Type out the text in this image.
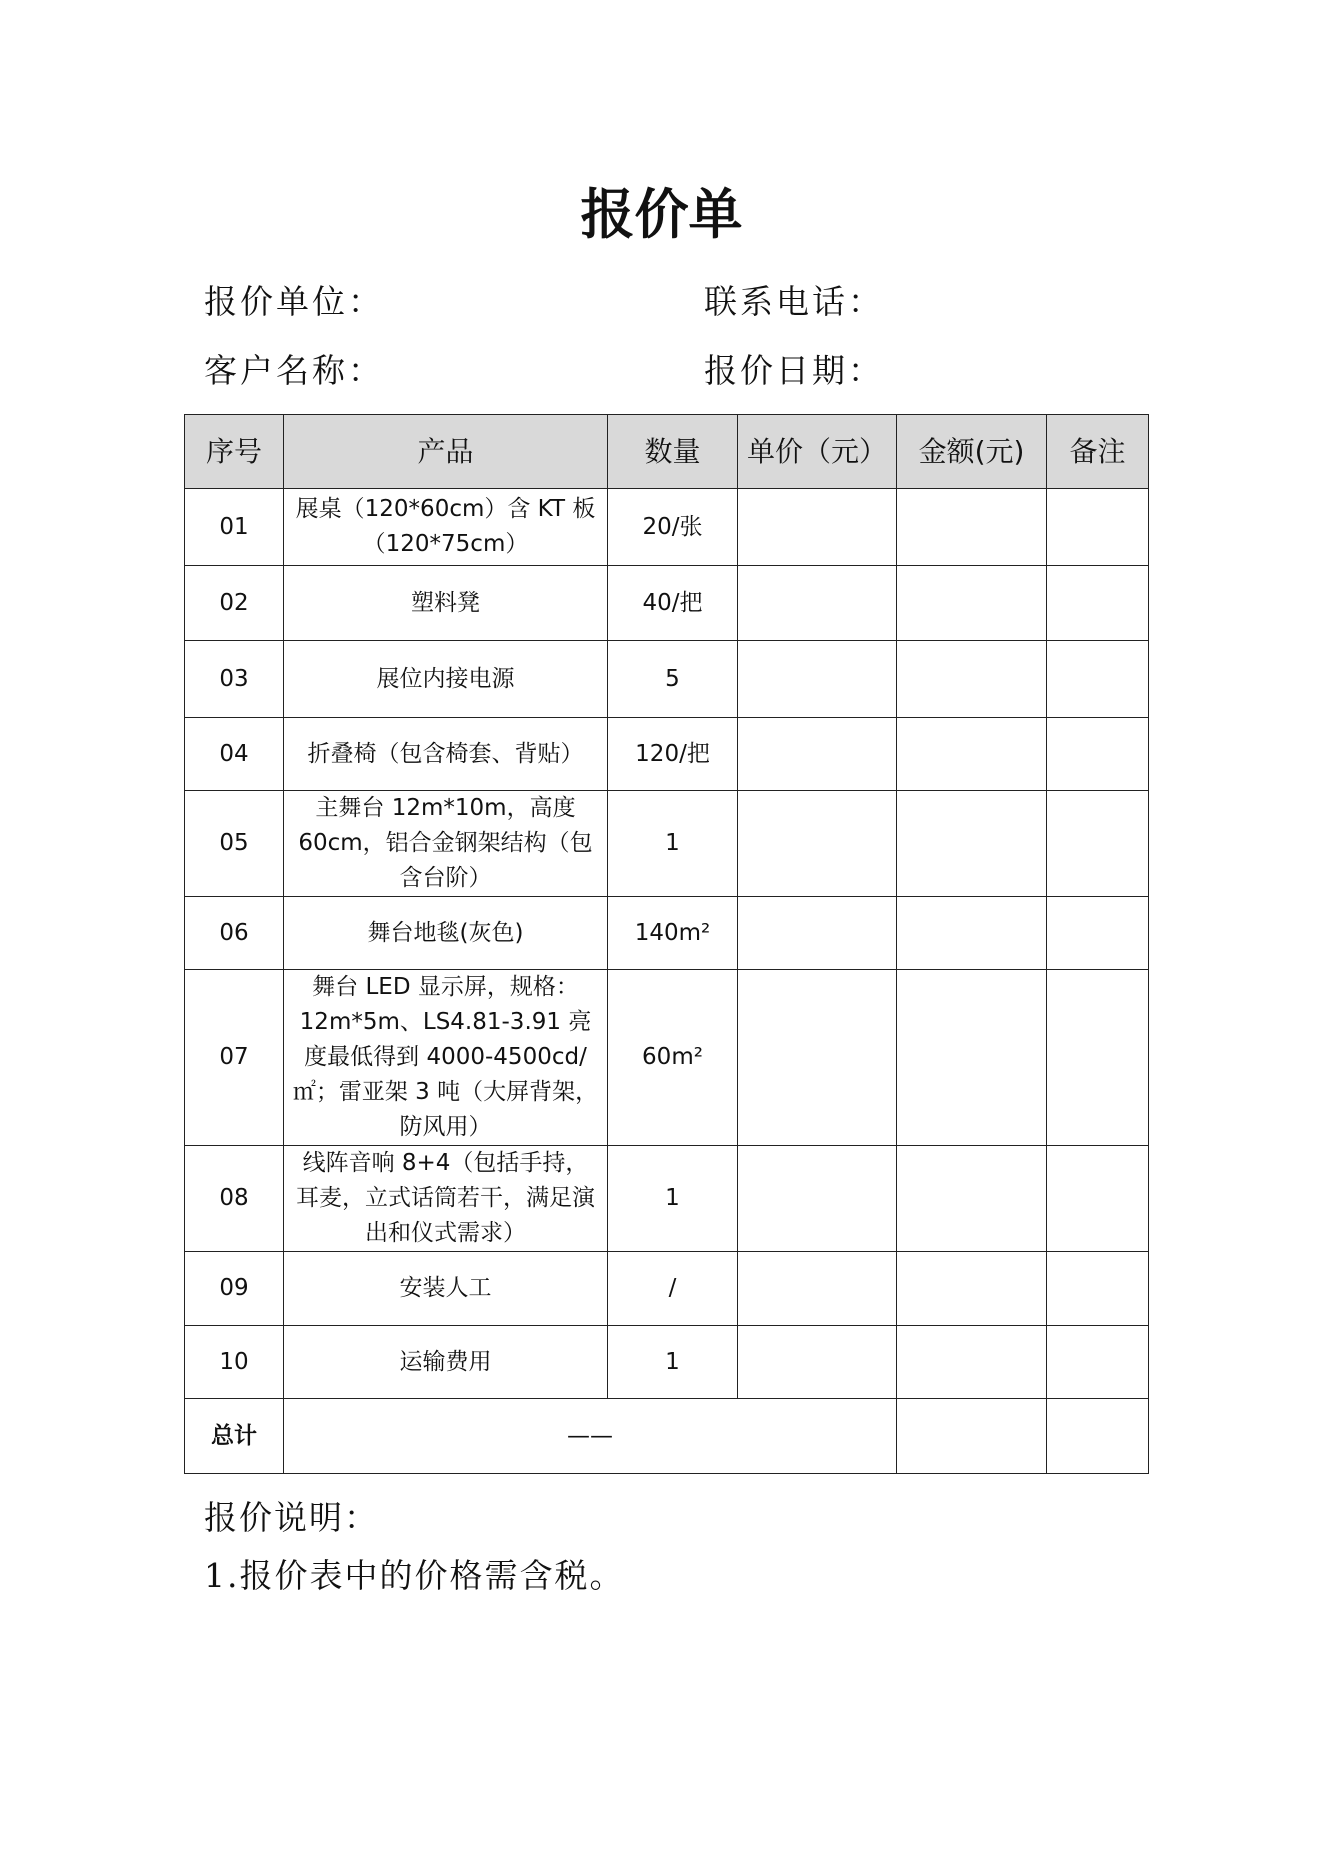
报价单
报价单位：	联系电话：
客户名称：	报价日期：
序号	产品	数量	单价（元）	金额(元)	备注
01	展桌（120*60cm）含 KT 板（120*75cm）	20/张			
02	塑料凳	40/把			
03	展位内接电源	5			
04	折叠椅（包含椅套、背贴）	120/把			
05	主舞台 12m*10m，高度 60cm，铝合金钢架结构（包含台阶）	1			
06	舞台地毯(灰色)	140m²			
07	舞台 LED 显示屏，规格：12m*5m、LS4.81-3.91 亮度最低得到 4000-4500cd/㎡；雷亚架 3 吨（大屏背架，防风用）	60m²			
08	线阵音响 8+4（包括手持，耳麦，立式话筒若干，满足演出和仪式需求）	1			
09	安装人工	/			
10	运输费用	1			
总计	——				
报价说明：
1.报价表中的价格需含税。
